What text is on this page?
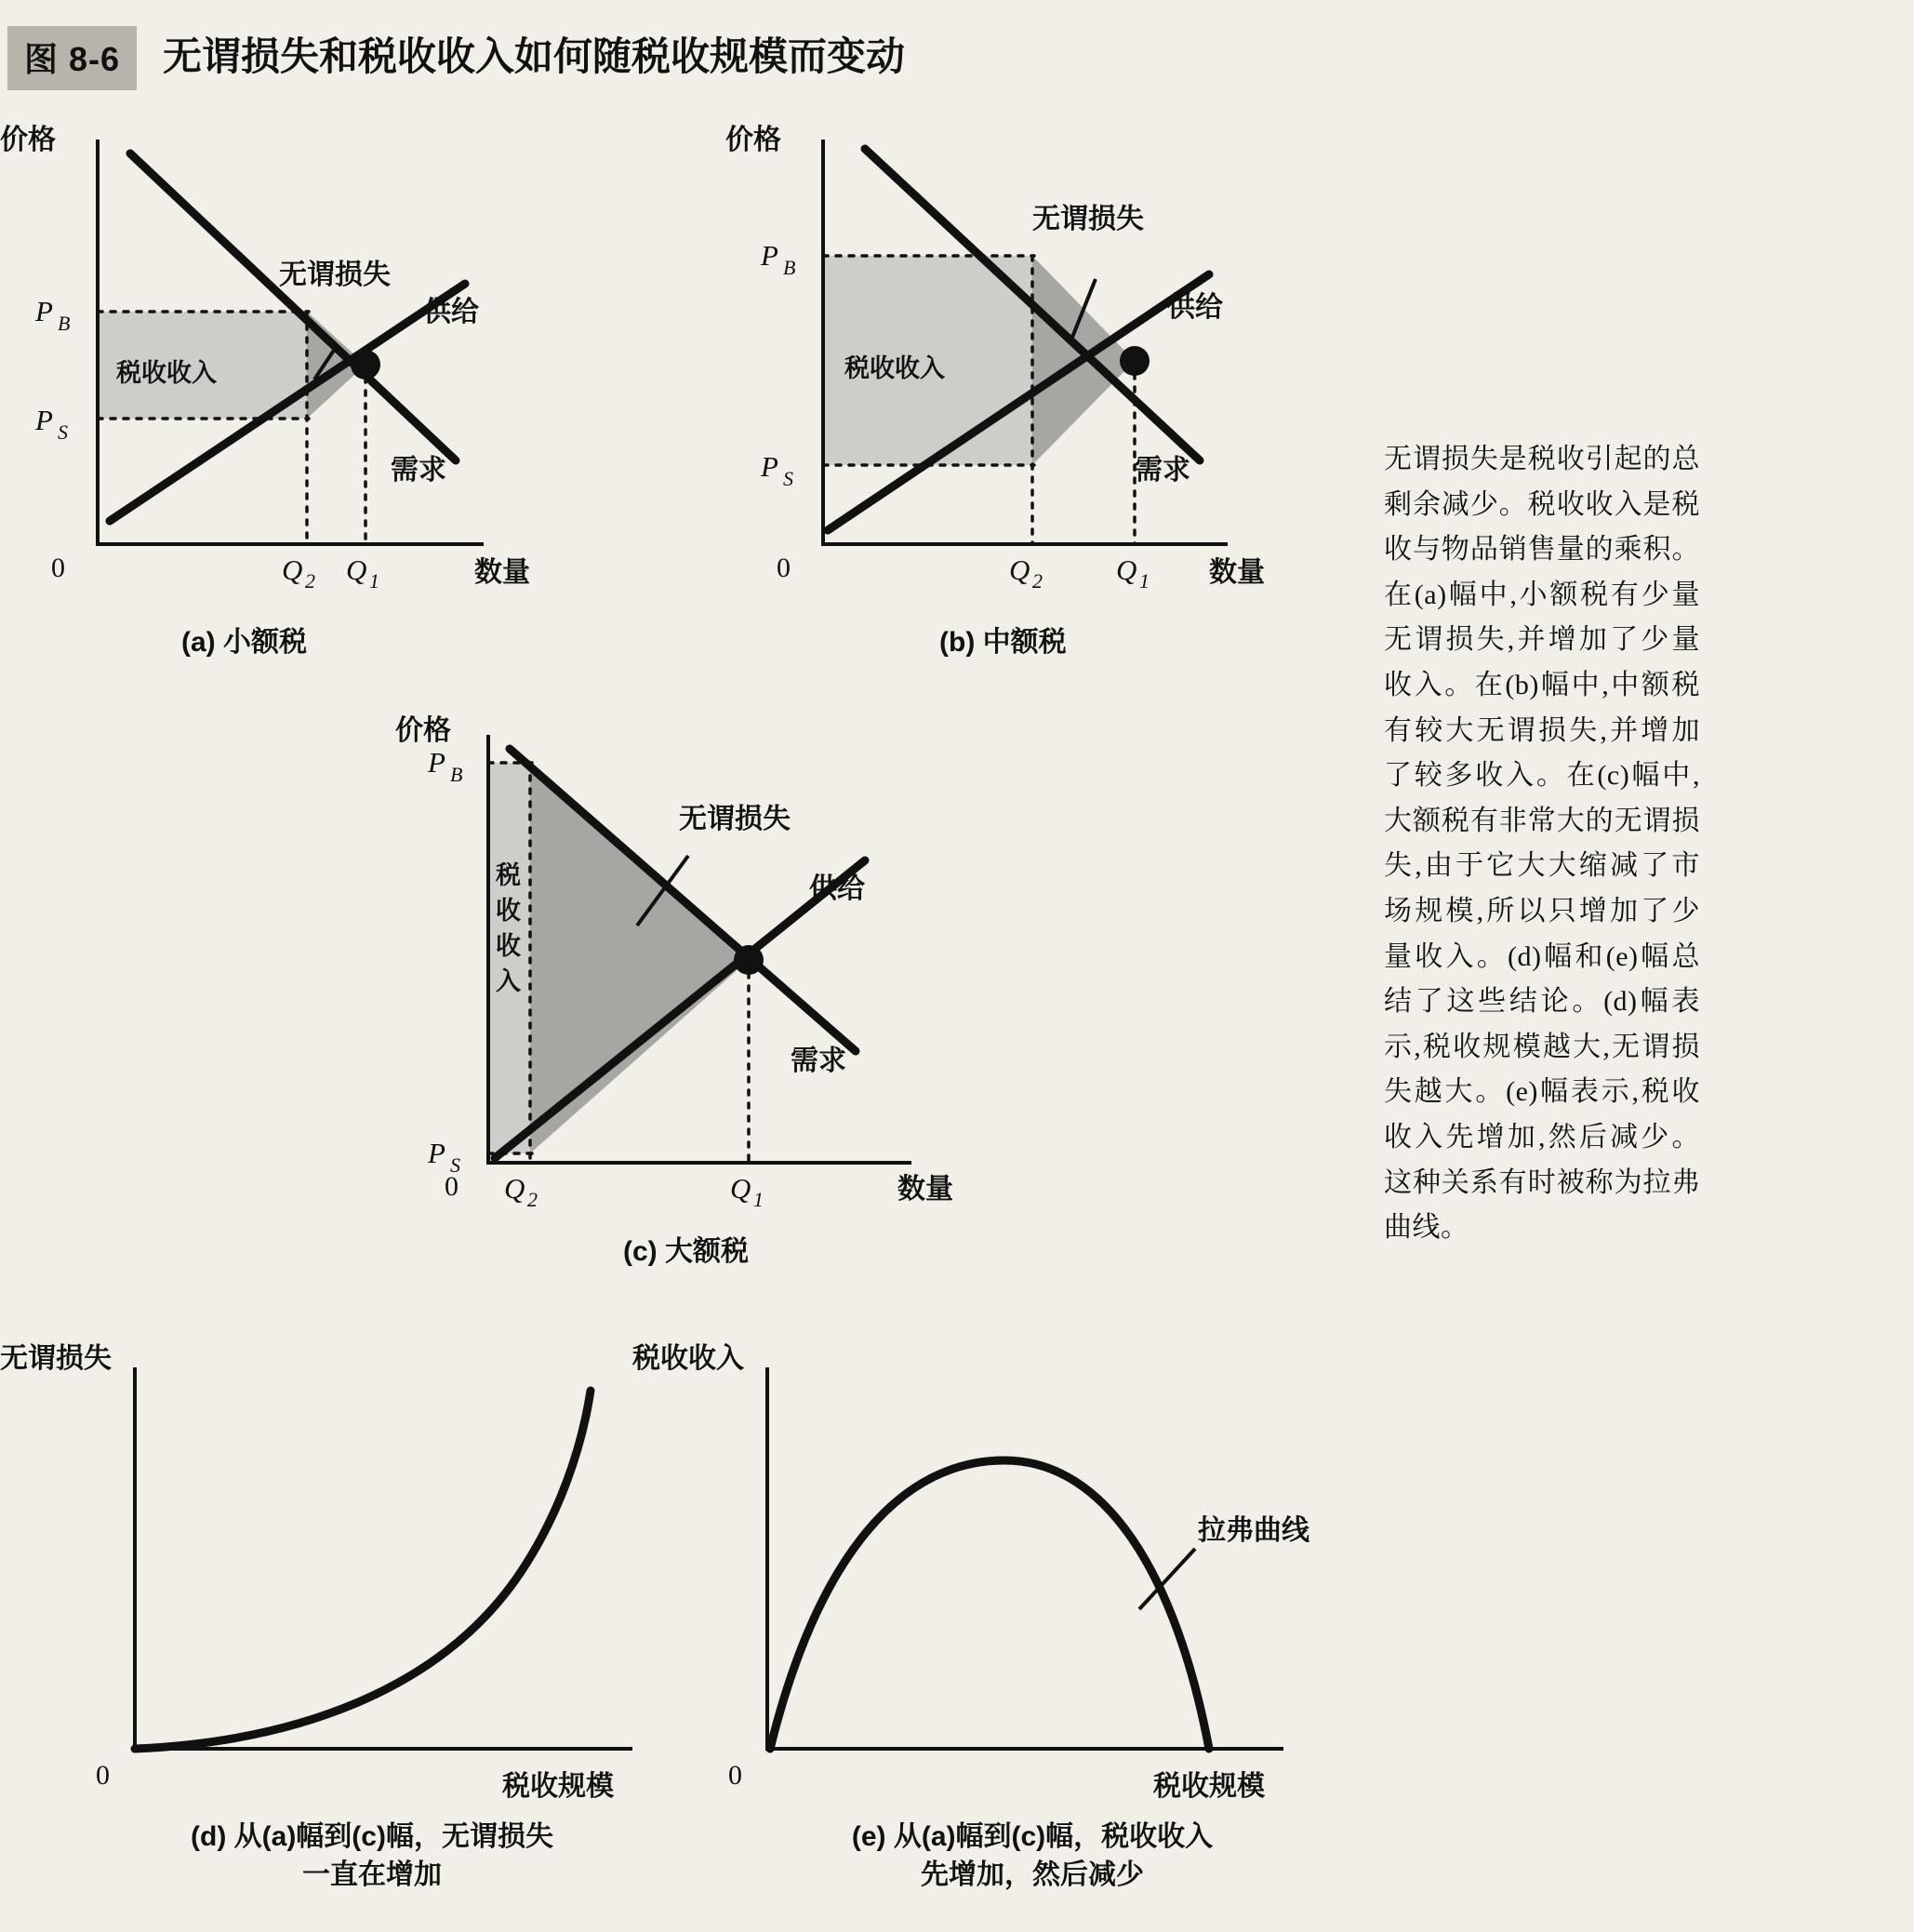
图 8-6	无谓损失和税收收入如何随税收规模而变动
价格
数量
0
无谓损失
供给
需求
税收收入
P B
P S
Q 2 Q 1
(a) 小额税
价格
数量
0
无谓损失
供给
需求
税收收入
P B
P S
Q 2	Q 1
(b) 中额税
价格
数量
0
无谓损失
供给
需求
税 收 收 入
P B
P S
Q 2	Q 1
(c) 大额税
无谓损失
税收规模
0
(d) 从(a)幅到(c)幅，无谓损失
一直在增加
税收收入
税收规模
0
拉弗曲线
(e) 从(a)幅到(c)幅，税收收入
先增加，然后减少
无谓损失是税收引起的总剩余减少。税收收入是税收与物品销售量的乘积。在(a)幅中,小额税有少量无谓损失,并增加了少量收入。在(b)幅中,中额税有较大无谓损失,并增加了较多收入。在(c)幅中,大额税有非常大的无谓损失,由于它大大缩减了市场规模,所以只增加了少量收入。(d)幅和(e)幅总结了这些结论。(d)幅表示,税收规模越大,无谓损失越大。(e)幅表示,税收收入先增加,然后减少。这种关系有时被称为拉弗曲线。
